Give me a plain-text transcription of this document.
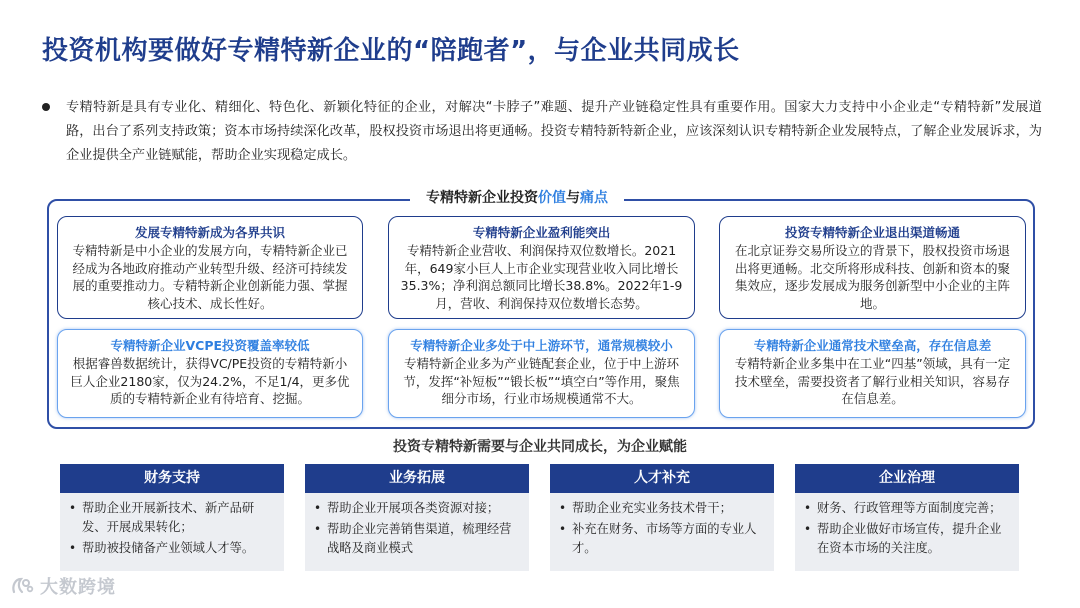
投资机构要做好专精特新企业的“陪跑者”，与企业共同成长
专精特新是具有专业化、精细化、特色化、新颖化特征的企业，对解决“卡脖子”难题、提升产业链稳定性具有重要作用。国家大力支持中小企业走“专精特新”发展道路，出台了系列支持政策；资本市场持续深化改革，股权投资市场退出将更通畅。投资专精特新特新企业，应该深刻认识专精特新企业发展特点，了解企业发展诉求，为企业提供全产业链赋能，帮助企业实现稳定成长。
专精特新企业投资价值与痛点
发展专精特新成为各界共识
专精特新是中小企业的发展方向，专精特新企业已经成为各地政府推动产业转型升级、经济可持续发展的重要推动力。专精特新企业创新能力强、掌握核心技术、成长性好。
专精特新企业盈利能突出
专精特新企业营收、利润保持双位数增长。2021年，649家小巨人上市企业实现营业收入同比增长35.3%；净利润总额同比增长38.8%。2022年1-9月，营收、利润保持双位数增长态势。
投资专精特新企业退出渠道畅通
在北京证券交易所设立的背景下，股权投资市场退出将更通畅。北交所将形成科技、创新和资本的聚集效应，逐步发展成为服务创新型中小企业的主阵地。
专精特新企业VCPE投资覆盖率较低
根据睿兽数据统计，获得VC/PE投资的专精特新小巨人企业2180家，仅为24.2%，不足1/4，更多优质的专精特新企业有待培育、挖掘。
专精特新企业多处于中上游环节，通常规模较小
专精特新企业多为产业链配套企业，位于中上游环节，发挥“补短板”“锻长板”“填空白”等作用，聚焦细分市场，行业市场规模通常不大。
专精特新企业通常技术壁垒高，存在信息差
专精特新企业多集中在工业“四基”领域，具有一定技术壁垒，需要投资者了解行业相关知识，容易存在信息差。
投资专精特新需要与企业共同成长，为企业赋能
财务支持
• 帮助企业开展新技术、新产品研发、开展成果转化；
• 帮助被投储备产业领域人才等。
业务拓展
• 帮助企业开展项各类资源对接；
• 帮助企业完善销售渠道，梳理经营战略及商业模式
人才补充
• 帮助企业充实业务技术骨干；
• 补充在财务、市场等方面的专业人才。
企业治理
• 财务、行政管理等方面制度完善；
• 帮助企业做好市场宣传，提升企业在资本市场的关注度。
大数跨境
